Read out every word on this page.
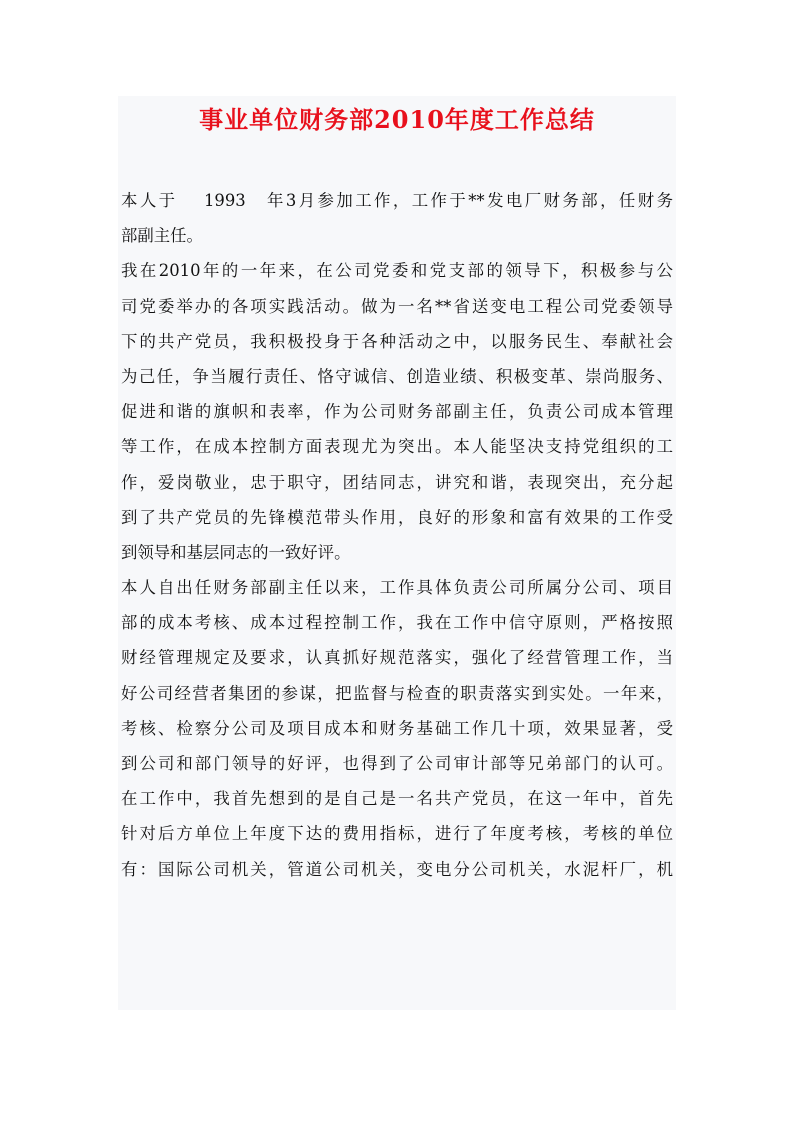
事业单位财务部2010年度工作总结
本人于　 1993　年3月参加工作，工作于**发电厂财务部，任财务
部副主任。
我在2010年的一年来，在公司党委和党支部的领导下，积极参与公
司党委举办的各项实践活动。做为一名**省送变电工程公司党委领导
下的共产党员，我积极投身于各种活动之中，以服务民生、奉献社会
为己任，争当履行责任、恪守诚信、创造业绩、积极变革、崇尚服务、
促进和谐的旗帜和表率，作为公司财务部副主任，负责公司成本管理
等工作，在成本控制方面表现尤为突出。本人能坚决支持党组织的工
作，爱岗敬业，忠于职守，团结同志，讲究和谐，表现突出，充分起
到了共产党员的先锋模范带头作用，良好的形象和富有效果的工作受
到领导和基层同志的一致好评。
本人自出任财务部副主任以来，工作具体负责公司所属分公司、项目
部的成本考核、成本过程控制工作，我在工作中信守原则，严格按照
财经管理规定及要求，认真抓好规范落实，强化了经营管理工作，当
好公司经营者集团的参谋，把监督与检查的职责落实到实处。一年来，
考核、检察分公司及项目成本和财务基础工作几十项，效果显著，受
到公司和部门领导的好评，也得到了公司审计部等兄弟部门的认可。
在工作中，我首先想到的是自己是一名共产党员，在这一年中，首先
针对后方单位上年度下达的费用指标，进行了年度考核，考核的单位
有：国际公司机关，管道公司机关，变电分公司机关，水泥杆厂，机
